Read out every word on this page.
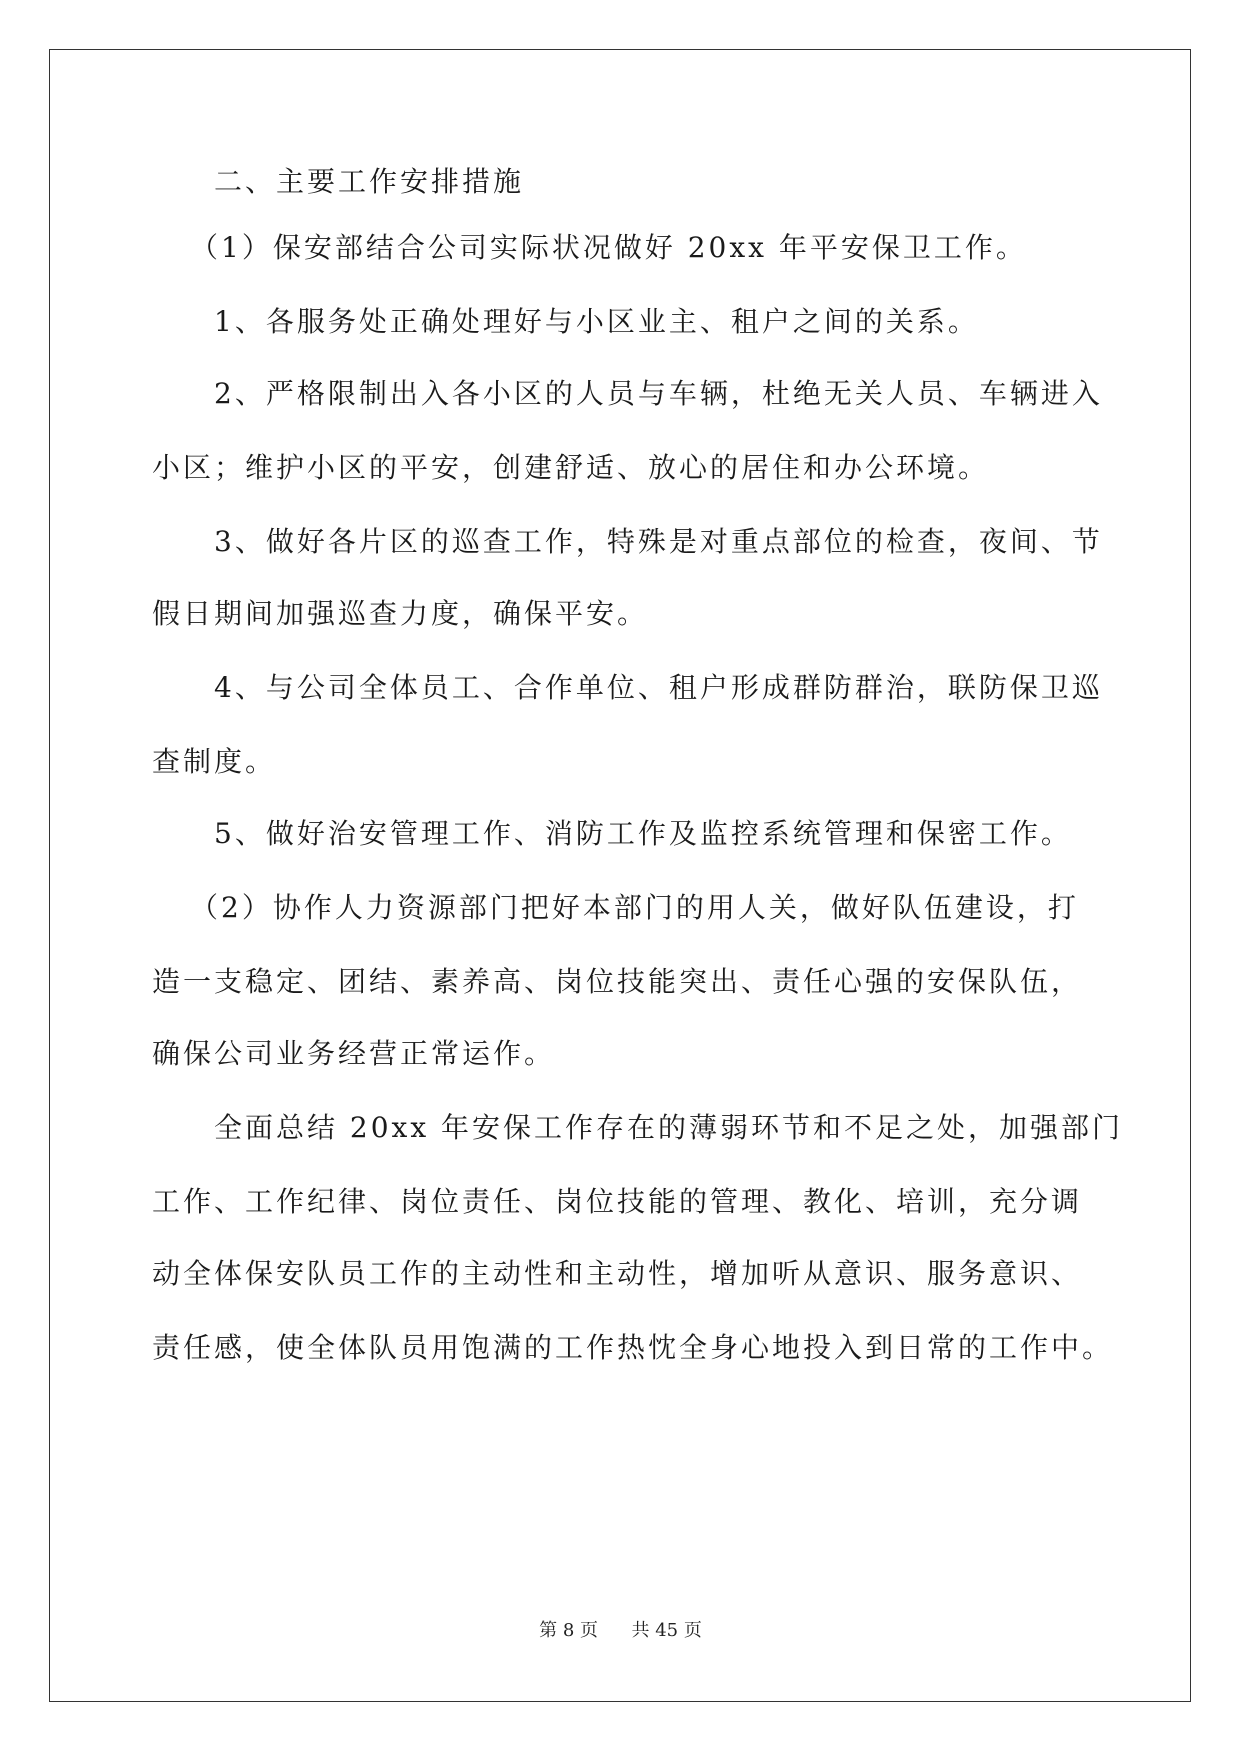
二、主要工作安排措施
（1）保安部结合公司实际状况做好 20xx 年平安保卫工作。
1、各服务处正确处理好与小区业主、租户之间的关系。
2、严格限制出入各小区的人员与车辆，杜绝无关人员、车辆进入
小区；维护小区的平安，创建舒适、放心的居住和办公环境。
3、做好各片区的巡查工作，特殊是对重点部位的检查，夜间、节
假日期间加强巡查力度，确保平安。
4、与公司全体员工、合作单位、租户形成群防群治，联防保卫巡
查制度。
5、做好治安管理工作、消防工作及监控系统管理和保密工作。
（2）协作人力资源部门把好本部门的用人关，做好队伍建设，打
造一支稳定、团结、素养高、岗位技能突出、责任心强的安保队伍，
确保公司业务经营正常运作。
全面总结 20xx 年安保工作存在的薄弱环节和不足之处，加强部门
工作、工作纪律、岗位责任、岗位技能的管理、教化、培训，充分调
动全体保安队员工作的主动性和主动性，增加听从意识、服务意识、
责任感，使全体队员用饱满的工作热忱全身心地投入到日常的工作中。
第 8 页 共 45 页
